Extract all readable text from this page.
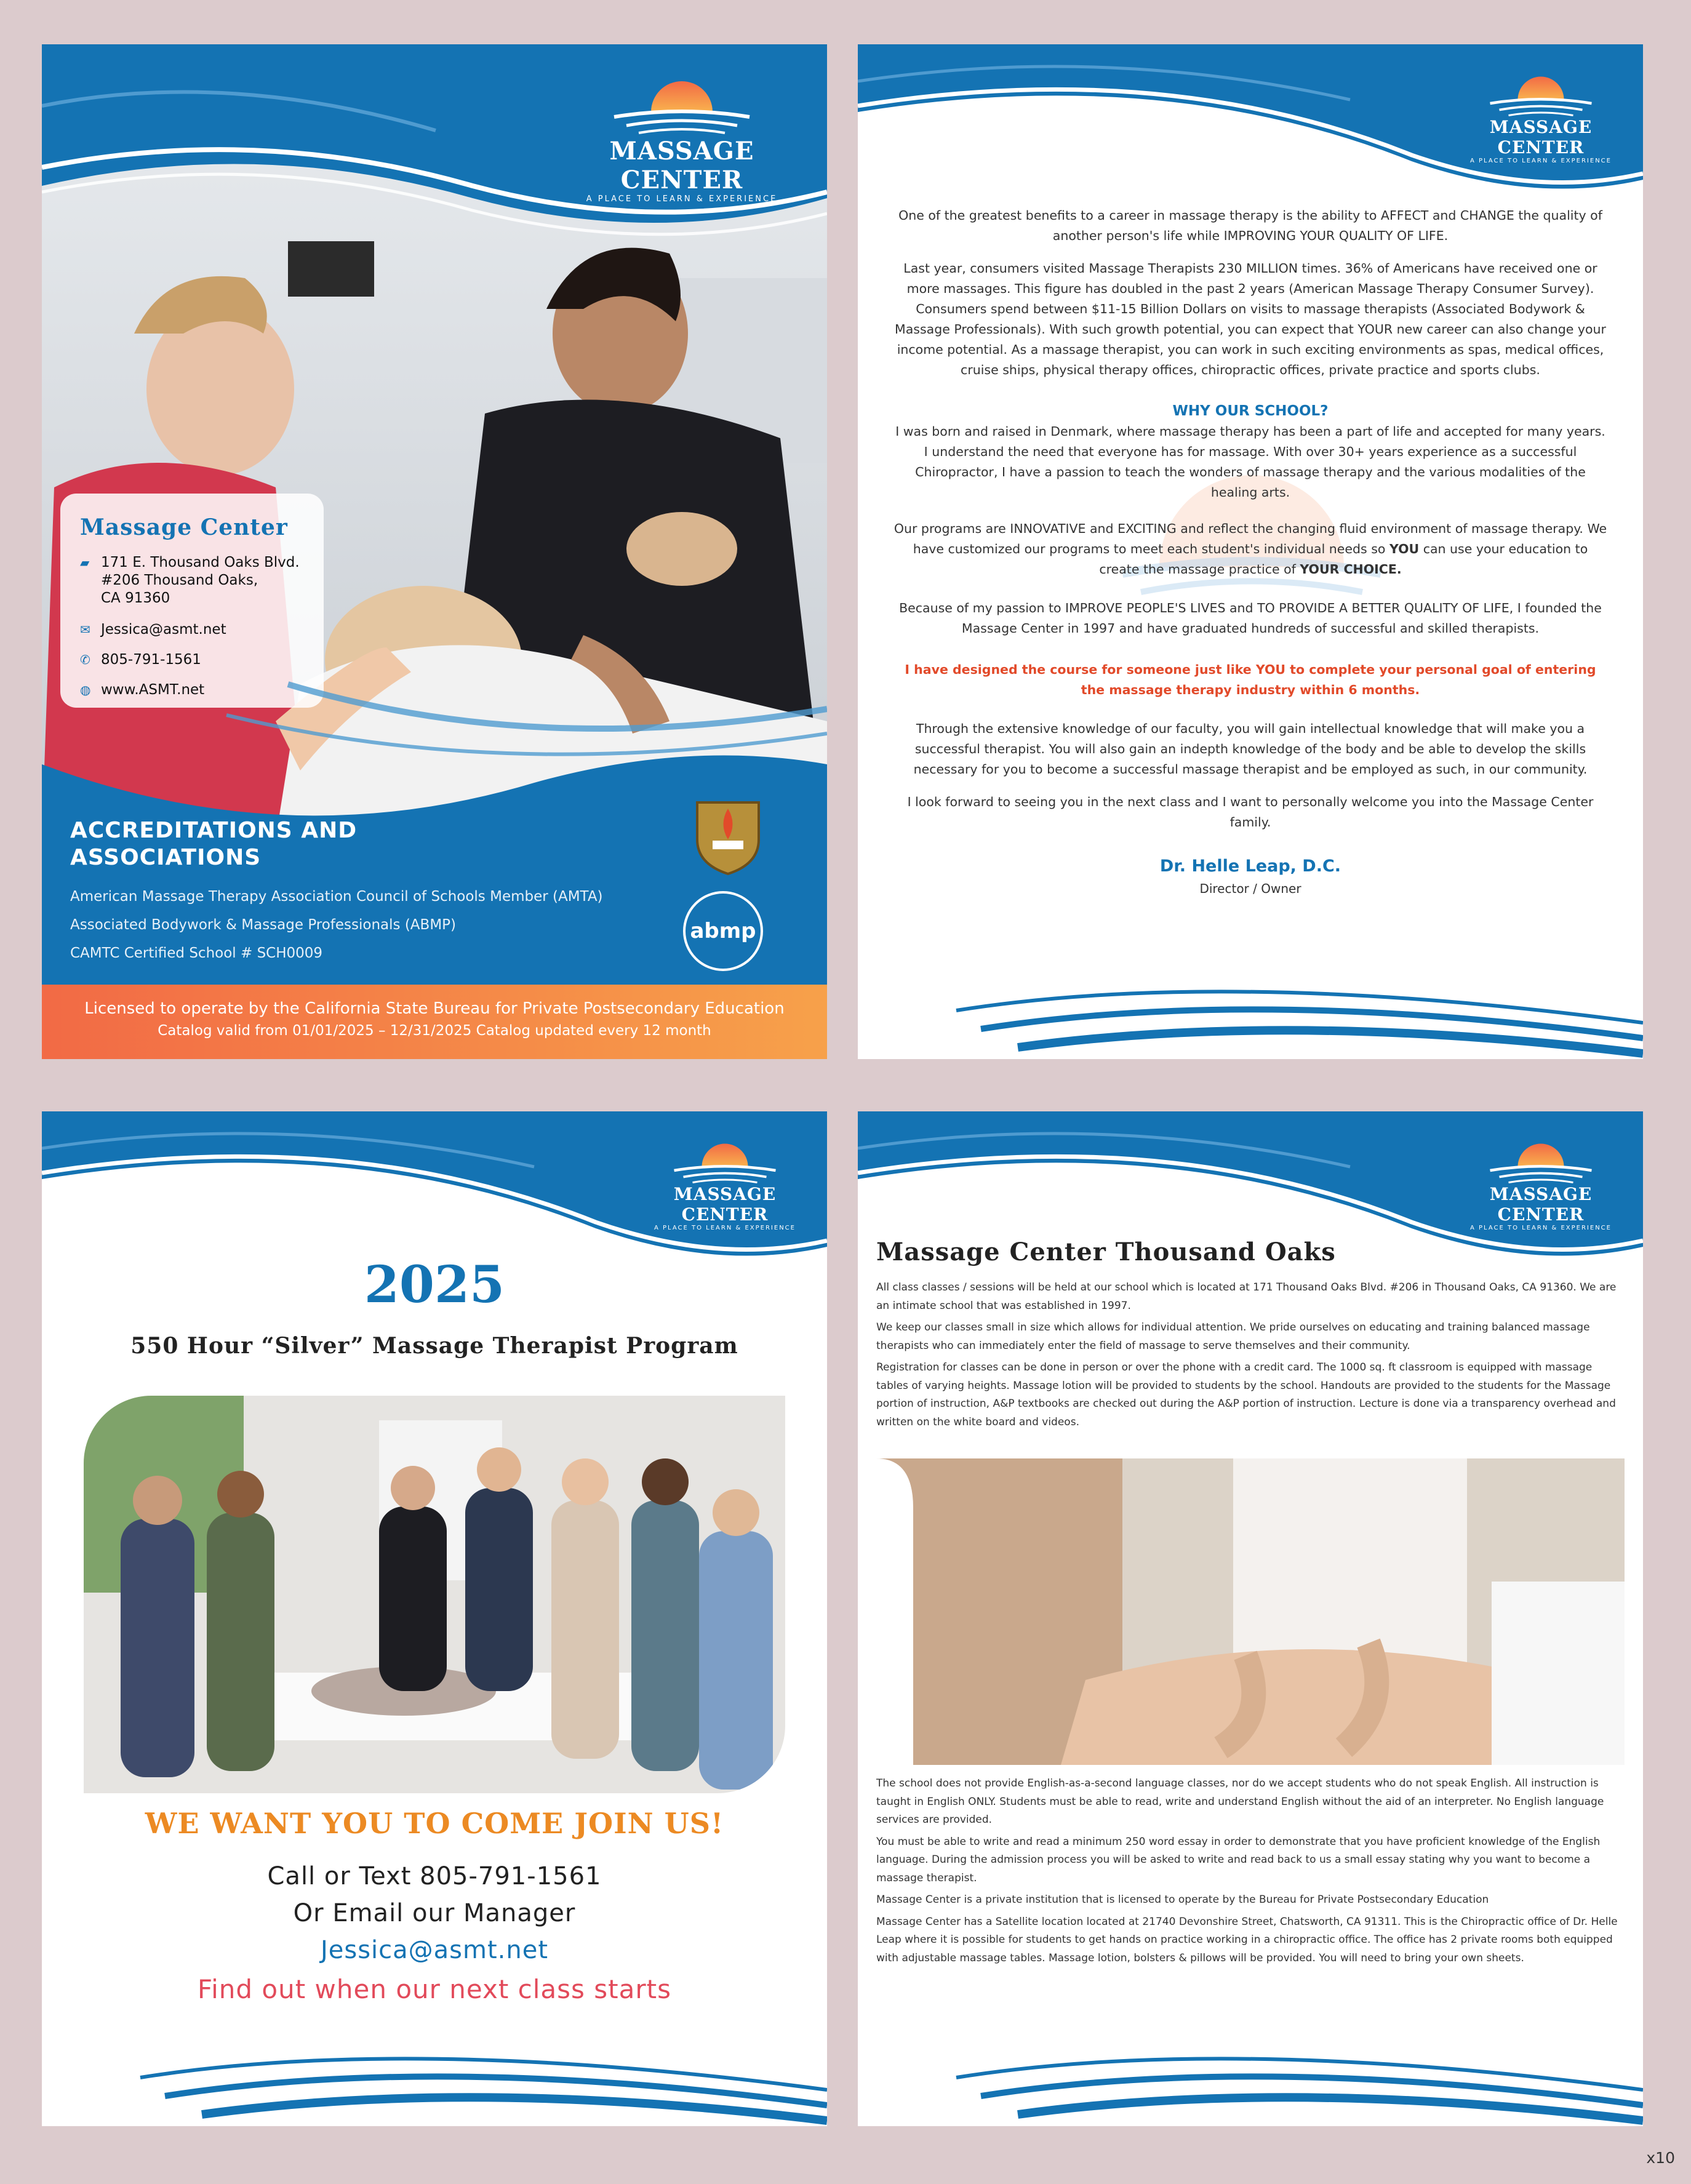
MASSAGE CENTER
A PLACE TO LEARN & EXPERIENCE
Massage Center
▰ 171 E. Thousand Oaks Blvd.
#206 Thousand Oaks,
CA 91360
✉ Jessica@asmt.net
✆ 805-791-1561
◍ www.ASMT.net
ACCREDITATIONS AND
ASSOCIATIONS

American Massage Therapy Association Council of Schools Member (AMTA)

Associated Bodywork & Massage Professionals (ABMP)

CAMTC Certified School # SCH0009

abmp
Licensed to operate by the California State Bureau for Private Postsecondary Education
Catalog valid from 01/01/2025 – 12/31/2025 Catalog updated every 12 month
MASSAGE CENTER
A PLACE TO LEARN & EXPERIENCE

One of the greatest benefits to a career in massage therapy is the ability to AFFECT and CHANGE the quality of another person's life while IMPROVING YOUR QUALITY OF LIFE.

Last year, consumers visited Massage Therapists 230 MILLION times. 36% of Americans have received one or more massages. This figure has doubled in the past 2 years (American Massage Therapy Consumer Survey). Consumers spend between $11-15 Billion Dollars on visits to massage therapists (Associated Bodywork & Massage Professionals). With such growth potential, you can expect that YOUR new career can also change your income potential. As a massage therapist, you can work in such exciting environments as spas, medical offices, cruise ships, physical therapy offices, chiropractic offices, private practice and sports clubs.

WHY OUR SCHOOL?

I was born and raised in Denmark, where massage therapy has been a part of life and accepted for many years. I understand the need that everyone has for massage. With over 30+ years experience as a successful Chiropractor, I have a passion to teach the wonders of massage therapy and the various modalities of the healing arts.

Our programs are INNOVATIVE and EXCITING and reflect the changing fluid environment of massage therapy. We have customized our programs to meet each student's individual needs so YOU can use your education to create the massage practice of YOUR CHOICE.

Because of my passion to IMPROVE PEOPLE'S LIVES and TO PROVIDE A BETTER QUALITY OF LIFE, I founded the Massage Center in 1997 and have graduated hundreds of successful and skilled therapists.

I have designed the course for someone just like YOU to complete your personal goal of entering the massage therapy industry within 6 months.

Through the extensive knowledge of our faculty, you will gain intellectual knowledge that will make you a successful therapist. You will also gain an indepth knowledge of the body and be able to develop the skills necessary for you to become a successful massage therapist and be employed as such, in our community.

I look forward to seeing you in the next class and I want to personally welcome you into the Massage Center family.

Dr. Helle Leap, D.C.
Director / Owner
MASSAGE CENTER
A PLACE TO LEARN & EXPERIENCE
2025
550 Hour “Silver” Massage Therapist Program
WE WANT YOU TO COME JOIN US!
Call or Text 805-791-1561
Or Email our Manager
Jessica@asmt.net
Find out when our next class starts
MASSAGE CENTER
A PLACE TO LEARN & EXPERIENCE
Massage Center Thousand Oaks

All class classes / sessions will be held at our school which is located at 171 Thousand Oaks Blvd. #206 in Thousand Oaks, CA 91360. We are an intimate school that was established in 1997.

We keep our classes small in size which allows for individual attention. We pride ourselves on educating and training balanced massage therapists who can immediately enter the field of massage to serve themselves and their community.

Registration for classes can be done in person or over the phone with a credit card. The 1000 sq. ft classroom is equipped with massage tables of varying heights. Massage lotion will be provided to students by the school. Handouts are provided to the students for the Massage portion of instruction, A&P textbooks are checked out during the A&P portion of instruction. Lecture is done via a transparency overhead and written on the white board and videos.

The school does not provide English-as-a-second language classes, nor do we accept students who do not speak English. All instruction is taught in English ONLY. Students must be able to read, write and understand English without the aid of an interpreter. No English language services are provided.

You must be able to write and read a minimum 250 word essay in order to demonstrate that you have proficient knowledge of the English language. During the admission process you will be asked to write and read back to us a small essay stating why you want to become a massage therapist.

Massage Center is a private institution that is licensed to operate by the Bureau for Private Postsecondary Education

Massage Center has a Satellite location located at 21740 Devonshire Street, Chatsworth, CA 91311. This is the Chiropractic office of Dr. Helle Leap where it is possible for students to get hands on practice working in a chiropractic office. The office has 2 private rooms both equipped with adjustable massage tables. Massage lotion, bolsters & pillows will be provided. You will need to bring your own sheets.

x10
